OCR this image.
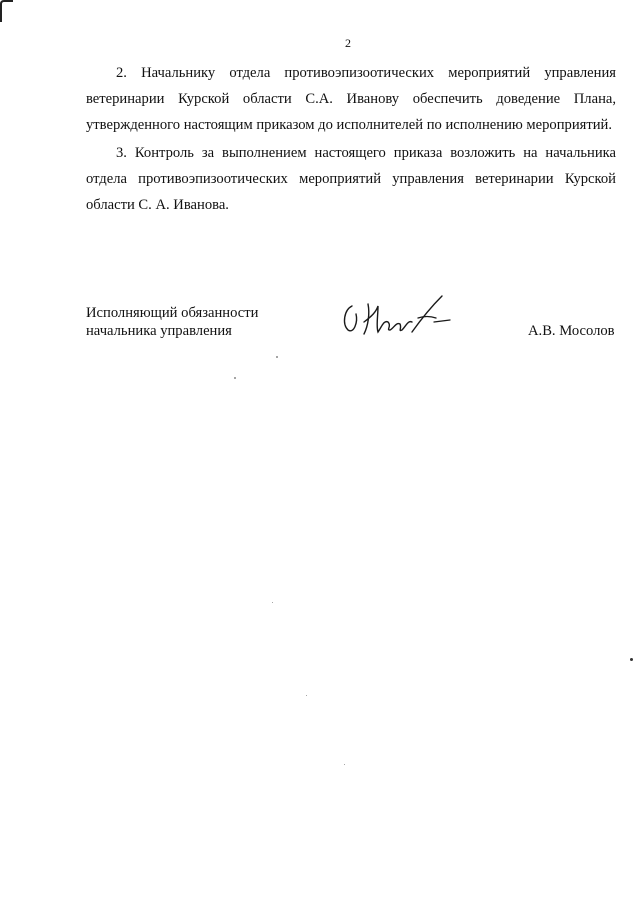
2

2. Начальнику отдела противоэпизоотических мероприятий управления ветеринарии Курской области С.А. Иванову обеспечить доведение Плана, утвержденного настоящим приказом до исполнителей по исполнению мероприятий.

3. Контроль за выполнением настоящего приказа возложить на начальника отдела противоэпизоотических мероприятий управления ветеринарии Курской области С. А. Иванова.

Исполняющий обязанности
начальника управления	А.В. Мосолов
